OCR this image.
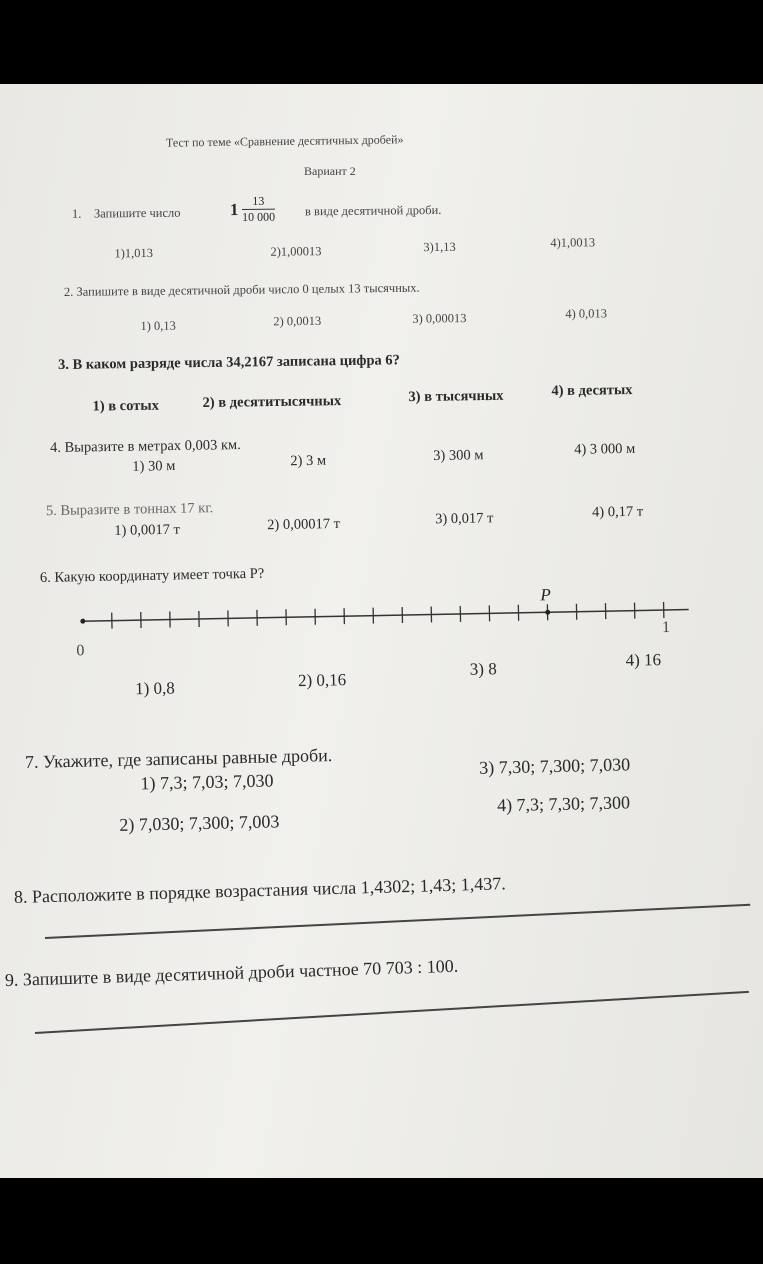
Тест по теме «Сравнение десятичных дробей»
Вариант 2
1. Запишите число	$1 \frac{13}{10 000}$ в виде десятичной дроби.
1)1,013	2)1,00013	3)1,13	4)1,0013
2. Запишите в виде десятичной дроби число 0 целых 13 тысячных.
1) 0,13	2) 0,0013	3) 0,00013	4) 0,013
3. В каком разряде числа 34,2167 записана цифра 6?
1) в сотых	2) в десятитысячных	3) в тысячных	4) в десятых
4. Выразите в метрах 0,003 км.
1) 30 м	2) 3 м	3) 300 м	4) 3 000 м
5. Выразите в тоннах 17 кг.
1) 0,0017 т	2) 0,00017 т	3) 0,017 т	4) 0,17 т
6. Какую координату имеет точка Р?
P
0
1
1) 0,8	2) 0,16
3) 8	4) 16
7. Укажите, где записаны равные дроби.
1) 7,3; 7,03; 7,030
3) 7,30; 7,300; 7,030
2) 7,030; 7,300; 7,003
4) 7,3; 7,30; 7,300
8. Расположите в порядке возрастания числа 1,4302; 1,43; 1,437.
9. Запишите в виде десятичной дроби частное 70 703 : 100.
